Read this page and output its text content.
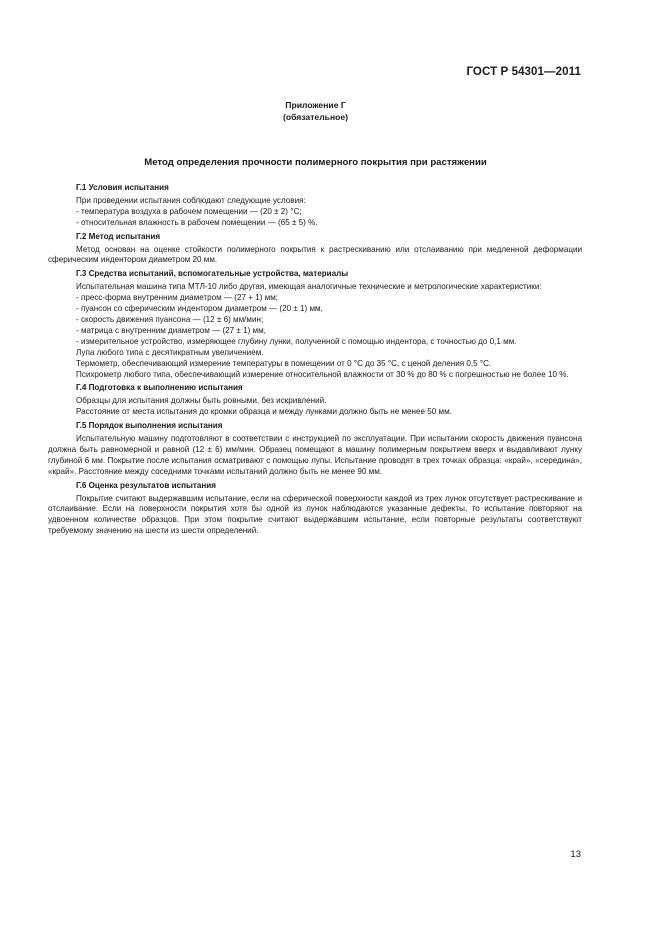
ГОСТ Р 54301—2011
Приложение Г
(обязательное)
Метод определения прочности полимерного покрытия при растяжении
Г.1 Условия испытания

При проведении испытания соблюдают следующие условия:

- температура воздуха в рабочем помещении — (20 ± 2) °С;

- относительная влажность в рабочем помещении — (65 ± 5) %.

Г.2 Метод испытания

Метод основан на оценке стойкости полимерного покрытия к растрескиванию или отслаиванию при медленной деформации сферическим индентором диаметром 20 мм.

Г.3 Средства испытаний, вспомогательные устройства, материалы

Испытательная машина типа МТЛ-10 либо другая, имеющая аналогичные технические и метрологические характеристики:

- пресс-форма внутренним диаметром — (27 + 1) мм;

- пуансон со сферическим индентором диаметром — (20 ± 1) мм,

- скорость движения пуансона — (12 ± 6) мм/мин;

- матрица с внутренним диаметром — (27 ± 1) мм,

- измерительное устройство, измеряющее глубину лунки, полученной с помощью индентора, с точностью до 0,1 мм.

Лупа любого типа с десятикратным увеличением.

Термометр, обеспечивающий измерение температуры в помещении от 0 °С до 35 °С, с ценой деления 0,5 °С.

Психрометр любого типа, обеспечивающий измерение относительной влажности от 30 % до 80 % с погрешностью не более 10 %.

Г.4 Подготовка к выполнению испытания

Образцы для испытания должны быть ровными, без искривлений.

Расстояние от места испытания до кромки образца и между лунками должно быть не менее 50 мм.

Г.5 Порядок выполнения испытания

Испытательную машину подготовляют в соответствии с инструкцией по эксплуатации. При испытании скорость движения пуансона должна быть равномерной и равной (12 ± 6) мм/мин. Образец помещают в машину полимерным покрытием вверх и выдавливают лунку глубиной 6 мм. Покрытие после испытания осматривают с помощью лупы. Испытание проводят в трех точках образца: «край», «середина», «край». Расстояние между соседними точками испытаний должно быть не менее 90 мм.

Г.6 Оценка результатов испытания

Покрытие считают выдержавшим испытание, если на сферической поверхности каждой из трех лунок отсутствует растрескивание и отслаивание. Если на поверхности покрытия хотя бы одной из лунок наблюдаются указанные дефекты, то испытание повторяют на удвоенном количестве образцов. При этом покрытие считают выдержавшим испытание, если повторные результаты соответствуют требуемому значению на шести из шести определений.

13
